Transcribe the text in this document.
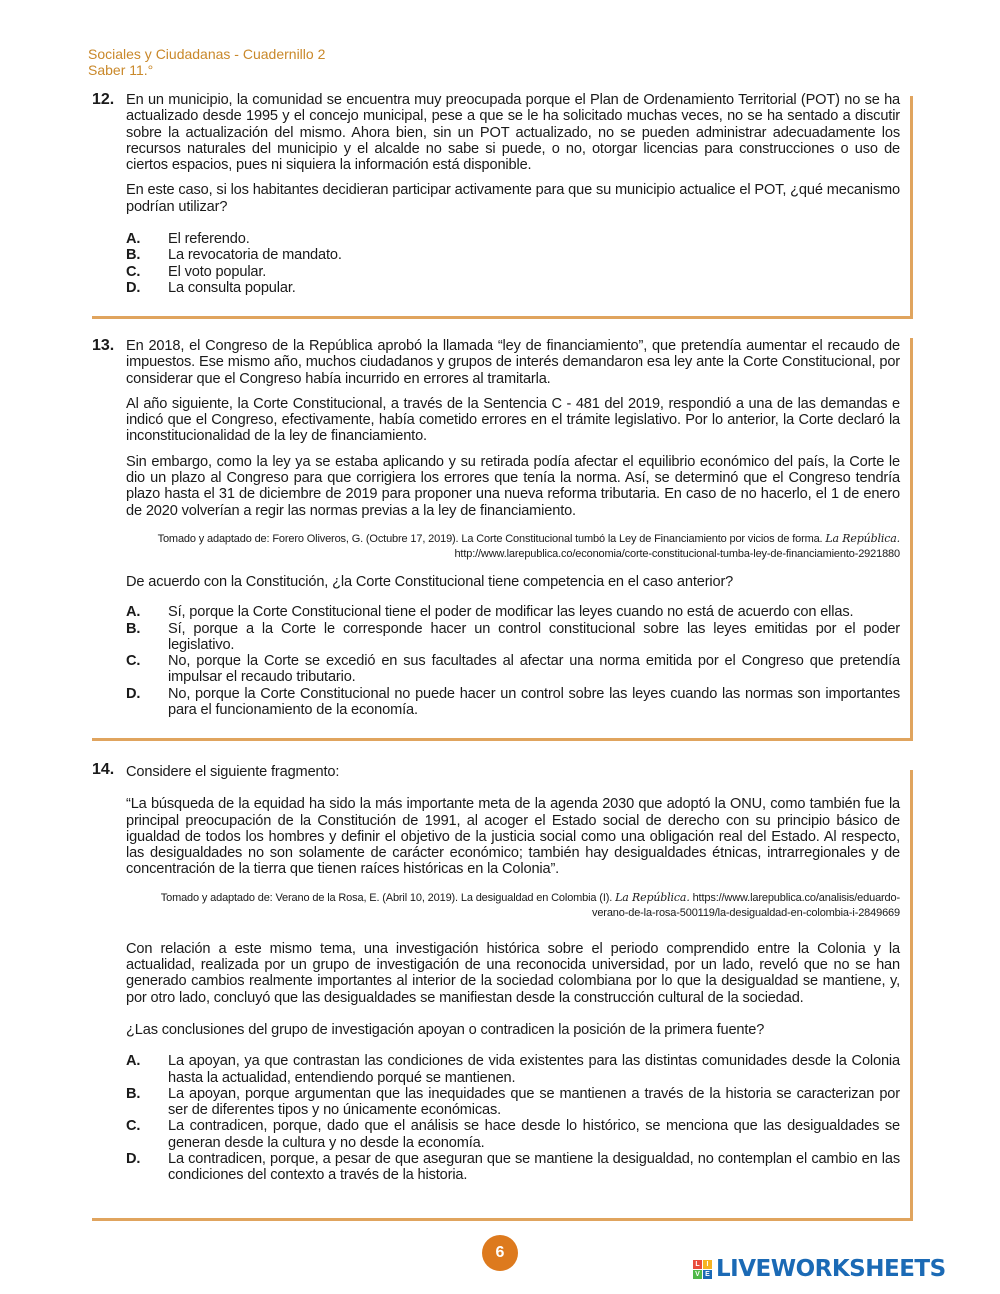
Sociales y Ciudadanas - Cuadernillo 2
Saber 11.°
12. En un municipio, la comunidad se encuentra muy preocupada porque el Plan de Ordenamiento Territorial (POT) no se ha actualizado desde 1995 y el concejo municipal, pese a que se le ha solicitado muchas veces, no se ha sentado a discutir sobre la actualización del mismo. Ahora bien, sin un POT actualizado, no se pueden administrar adecuadamente los recursos naturales del municipio y el alcalde no sabe si puede, o no, otorgar licencias para construcciones o uso de ciertos espacios, pues ni siquiera la información está disponible.

En este caso, si los habitantes decidieran participar activamente para que su municipio actualice el POT, ¿qué mecanismo podrían utilizar?

A.	El referendo.
B.	La revocatoria de mandato.
C.	El voto popular.
D.	La consulta popular.
13. En 2018, el Congreso de la República aprobó la llamada “ley de financiamiento”, que pretendía aumentar el recaudo de impuestos. Ese mismo año, muchos ciudadanos y grupos de interés demandaron esa ley ante la Corte Constitucional, por considerar que el Congreso había incurrido en errores al tramitarla.

Al año siguiente, la Corte Constitucional, a través de la Sentencia C - 481 del 2019, respondió a una de las demandas e indicó que el Congreso, efectivamente, había cometido errores en el trámite legislativo. Por lo anterior, la Corte declaró la inconstitucionalidad de la ley de financiamiento.

Sin embargo, como la ley ya se estaba aplicando y su retirada podía afectar el equilibrio económico del país, la Corte le dio un plazo al Congreso para que corrigiera los errores que tenía la norma. Así, se determinó que el Congreso tendría plazo hasta el 31 de diciembre de 2019 para proponer una nueva reforma tributaria. En caso de no hacerlo, el 1 de enero de 2020 volverían a regir las normas previas a la ley de financiamiento.

Tomado y adaptado de: Forero Oliveros, G. (Octubre 17, 2019). La Corte Constitucional tumbó la Ley de Financiamiento por vicios de forma. La República. http://www.larepublica.co/economia/corte-constitucional-tumba-ley-de-financiamiento-2921880

De acuerdo con la Constitución, ¿la Corte Constitucional tiene competencia en el caso anterior?

A.	Sí, porque la Corte Constitucional tiene el poder de modificar las leyes cuando no está de acuerdo con ellas.
B.	Sí, porque a la Corte le corresponde hacer un control constitucional sobre las leyes emitidas por el poder legislativo.
C.	No, porque la Corte se excedió en sus facultades al afectar una norma emitida por el Congreso que pretendía impulsar el recaudo tributario.
D.	No, porque la Corte Constitucional no puede hacer un control sobre las leyes cuando las normas son importantes para el funcionamiento de la economía.
14. Considere el siguiente fragmento:

“La búsqueda de la equidad ha sido la más importante meta de la agenda 2030 que adoptó la ONU, como también fue la principal preocupación de la Constitución de 1991, al acoger el Estado social de derecho con su principio básico de igualdad de todos los hombres y definir el objetivo de la justicia social como una obligación real del Estado. Al respecto, las desigualdades no son solamente de carácter económico; también hay desigualdades étnicas, intrarregionales y de concentración de la tierra que tienen raíces históricas en la Colonia”.

Tomado y adaptado de: Verano de la Rosa, E. (Abril 10, 2019). La desigualdad en Colombia (I). La República. https://www.larepublica.co/analisis/eduardo-verano-de-la-rosa-500119/la-desigualdad-en-colombia-i-2849669

Con relación a este mismo tema, una investigación histórica sobre el periodo comprendido entre la Colonia y la actualidad, realizada por un grupo de investigación de una reconocida universidad, por un lado, reveló que no se han generado cambios realmente importantes al interior de la sociedad colombiana por lo que la desigualdad se mantiene, y, por otro lado, concluyó que las desigualdades se manifiestan desde la construcción cultural de la sociedad.

¿Las conclusiones del grupo de investigación apoyan o contradicen la posición de la primera fuente?

A.	La apoyan, ya que contrastan las condiciones de vida existentes para las distintas comunidades desde la Colonia hasta la actualidad, entendiendo porqué se mantienen.
B.	La apoyan, porque argumentan que las inequidades que se mantienen a través de la historia se caracterizan por ser de diferentes tipos y no únicamente económicas.
C.	La contradicen, porque, dado que el análisis se hace desde lo histórico, se menciona que las desigualdades se generan desde la cultura y no desde la economía.
D.	La contradicen, porque, a pesar de que aseguran que se mantiene la desigualdad, no contemplan el cambio en las condiciones del contexto a través de la historia.
6
L I
V E LIVEWORKSHEETS
